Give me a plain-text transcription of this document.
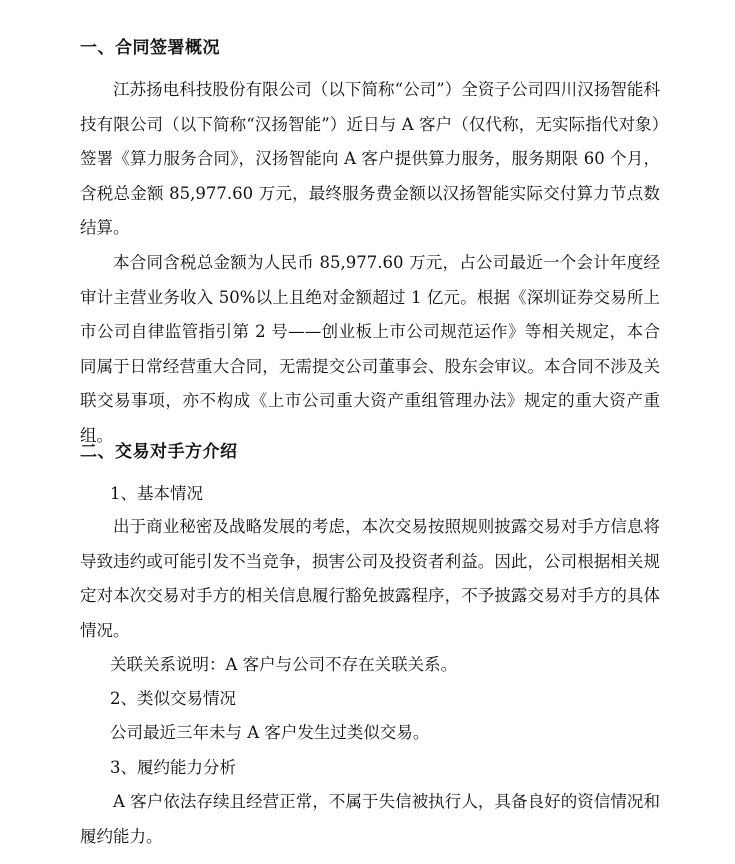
一、合同签署概况
江苏扬电科技股份有限公司（以下简称“公司”）全资子公司四川汉扬智能科技有限公司（以下简称“汉扬智能”）近日与 A 客户（仅代称，无实际指代对象）签署《算力服务合同》，汉扬智能向 A 客户提供算力服务，服务期限 60 个月，含税总金额 85,977.60 万元，最终服务费金额以汉扬智能实际交付算力节点数结算。
本合同含税总金额为人民币 85,977.60 万元，占公司最近一个会计年度经审计主营业务收入 50%以上且绝对金额超过 1 亿元。根据《深圳证券交易所上市公司自律监管指引第 2 号——创业板上市公司规范运作》等相关规定，本合同属于日常经营重大合同，无需提交公司董事会、股东会审议。本合同不涉及关联交易事项，亦不构成《上市公司重大资产重组管理办法》规定的重大资产重组。
二、交易对手方介绍
1、基本情况
出于商业秘密及战略发展的考虑，本次交易按照规则披露交易对手方信息将导致违约或可能引发不当竞争，损害公司及投资者利益。因此，公司根据相关规定对本次交易对手方的相关信息履行豁免披露程序，不予披露交易对手方的具体情况。
关联关系说明：A 客户与公司不存在关联关系。
2、类似交易情况
公司最近三年未与 A 客户发生过类似交易。
3、履约能力分析
A 客户依法存续且经营正常，不属于失信被执行人，具备良好的资信情况和履约能力。
